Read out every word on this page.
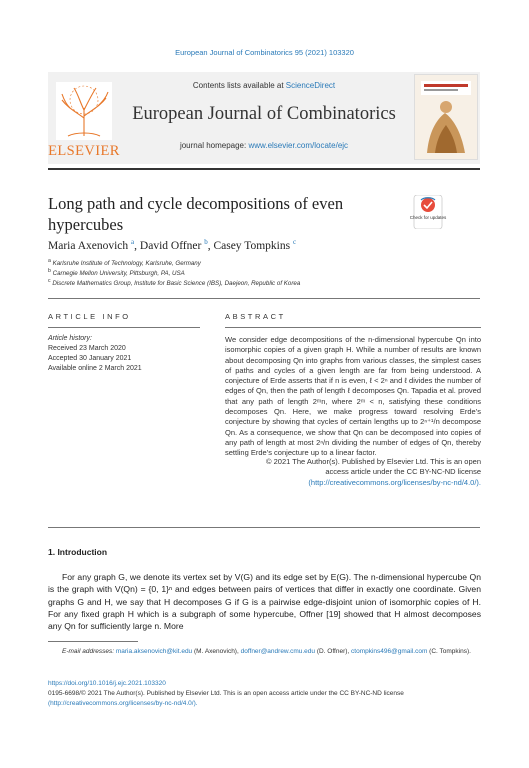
European Journal of Combinatorics 95 (2021) 103320
ELSEVIER
Contents lists available at ScienceDirect
European Journal of Combinatorics
journal homepage: www.elsevier.com/locate/ejc
Long path and cycle decompositions of even
hypercubes	Check for updates
Maria Axenovich $^a$, David Offner $^b$, Casey Tompkins $^c$
$^a$ Karlsruhe Institute of Technology, Karlsruhe, Germany
$^b$ Carnegie Mellon University, Pittsburgh, PA, USA
$^c$ Discrete Mathematics Group, Institute for Basic Science (IBS), Daejeon, Republic of Korea
ARTICLE INFO
Article history:
Received 23 March 2020
Accepted 30 January 2021
Available online 2 March 2021
ABSTRACT
We consider edge decompositions of the n-dimensional hypercube Qn into isomorphic copies of a given graph H. While a number of results are known about decomposing Qn into graphs from various classes, the simplest cases of paths and cycles of a given length are far from being understood. A conjecture of Erde asserts that if n is even, ℓ < 2ⁿ and ℓ divides the number of edges of Qn, then the path of length ℓ decomposes Qn. Tapadia et al. proved that any path of length 2ᵐn, where 2ᵐ < n, satisfying these conditions decomposes Qn. Here, we make progress toward resolving Erde’s conjecture by showing that cycles of certain lengths up to 2ⁿ⁺¹/n decompose Qn. As a consequence, we show that Qn can be decomposed into copies of any path of length at most 2ⁿ/n dividing the number of edges of Qn, thereby settling Erde’s conjecture up to a linear factor.
© 2021 The Author(s). Published by Elsevier Ltd. This is an open
access article under the CC BY-NC-ND license
(http://creativecommons.org/licenses/by-nc-nd/4.0/).
1. Introduction

For any graph G, we denote its vertex set by V(G) and its edge set by E(G). The n-dimensional hypercube Qn is the graph with V(Qn) = {0, 1}ⁿ and edges between pairs of vertices that differ in exactly one coordinate. Given graphs G and H, we say that H decomposes G if G is a pairwise edge-disjoint union of isomorphic copies of H. For any fixed graph H which is a subgraph of some hypercube, Offner [19] showed that H almost decomposes any Qn for sufficiently large n. More

E-mail addresses: maria.aksenovich@kit.edu (M. Axenovich), doffner@andrew.cmu.edu (D. Offner), ctompkins496@gmail.com (C. Tompkins).
https://doi.org/10.1016/j.ejc.2021.103320
0195-6698/© 2021 The Author(s). Published by Elsevier Ltd. This is an open access article under the CC BY-NC-ND license (http://creativecommons.org/licenses/by-nc-nd/4.0/).
